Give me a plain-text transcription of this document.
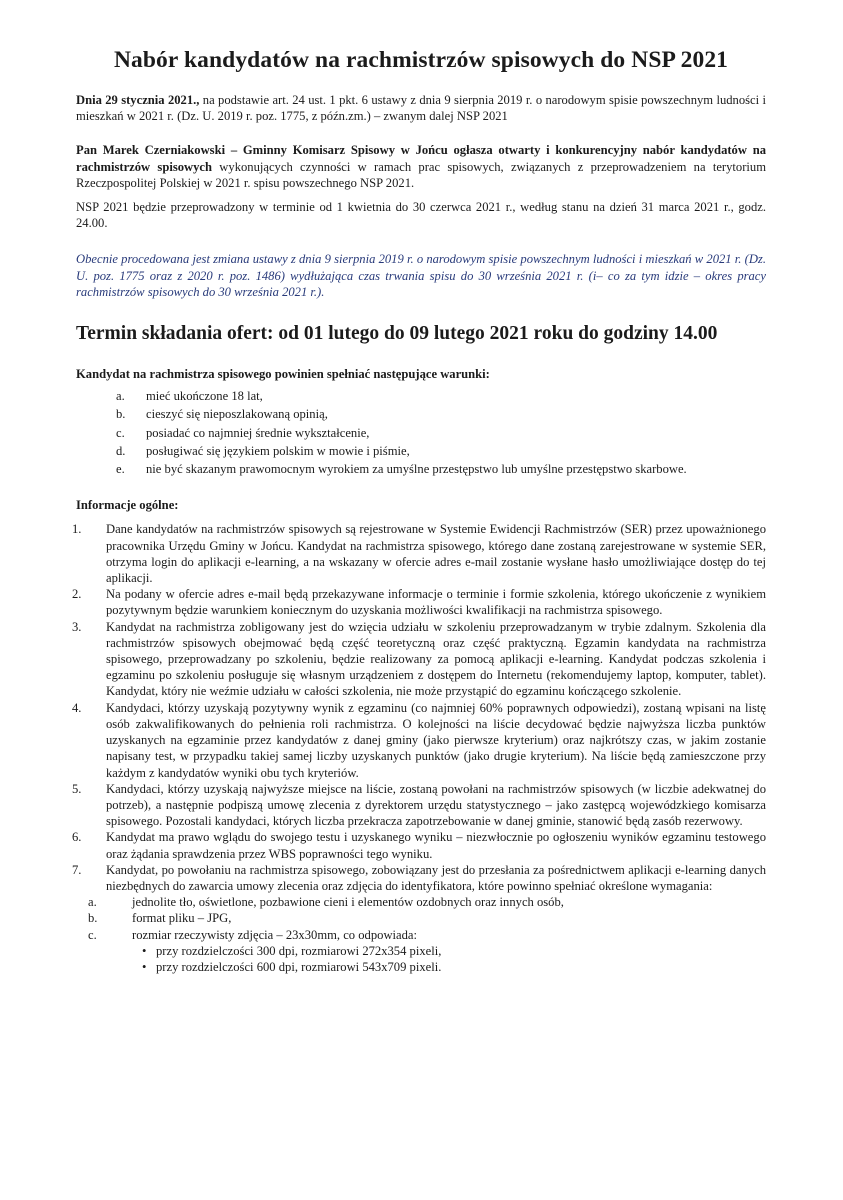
Nabór kandydatów na rachmistrzów spisowych do NSP 2021

Dnia 29 stycznia 2021., na podstawie art. 24 ust. 1 pkt. 6 ustawy z dnia 9 sierpnia 2019 r. o narodowym spisie powszechnym ludności i mieszkań w 2021 r. (Dz. U. 2019 r. poz. 1775, z późn.zm.) – zwanym dalej NSP 2021

Pan Marek Czerniakowski – Gminny Komisarz Spisowy w Jońcu ogłasza otwarty i konkurencyjny nabór kandydatów na rachmistrzów spisowych wykonujących czynności w ramach prac spisowych, związanych z przeprowadzeniem na terytorium Rzeczpospolitej Polskiej w 2021 r. spisu powszechnego NSP 2021.

NSP 2021 będzie przeprowadzony w terminie od 1 kwietnia do 30 czerwca 2021 r., według stanu na dzień 31 marca 2021 r., godz. 24.00.

Obecnie procedowana jest zmiana ustawy z dnia 9 sierpnia 2019 r. o narodowym spisie powszechnym ludności i mieszkań w 2021 r. (Dz. U. poz. 1775 oraz z 2020 r. poz. 1486) wydłużająca czas trwania spisu do 30 września 2021 r. (i– co za tym idzie – okres pracy rachmistrzów spisowych do 30 września 2021 r.).

Termin składania ofert: od 01 lutego do 09 lutego 2021 roku do godziny 14.00

Kandydat na rachmistrza spisowego powinien spełniać następujące warunki:

a. mieć ukończone 18 lat,
b. cieszyć się nieposzlakowaną opinią,
c. posiadać co najmniej średnie wykształcenie,
d. posługiwać się językiem polskim w mowie i piśmie,
e. nie być skazanym prawomocnym wyrokiem za umyślne przestępstwo lub umyślne przestępstwo skarbowe.

Informacje ogólne:

1. Dane kandydatów na rachmistrzów spisowych są rejestrowane w Systemie Ewidencji Rachmistrzów (SER) przez upoważnionego pracownika Urzędu Gminy w Jońcu. Kandydat na rachmistrza spisowego, którego dane zostaną zarejestrowane w systemie SER, otrzyma login do aplikacji e-learning, a na wskazany w ofercie adres e-mail zostanie wysłane hasło umożliwiające dostęp do tej aplikacji.
2. Na podany w ofercie adres e-mail będą przekazywane informacje o terminie i formie szkolenia, którego ukończenie z wynikiem pozytywnym będzie warunkiem koniecznym do uzyskania możliwości kwalifikacji na rachmistrza spisowego.
3. Kandydat na rachmistrza zobligowany jest do wzięcia udziału w szkoleniu przeprowadzanym w trybie zdalnym. Szkolenia dla rachmistrzów spisowych obejmować będą część teoretyczną oraz część praktyczną. Egzamin kandydata na rachmistrza spisowego, przeprowadzany po szkoleniu, będzie realizowany za pomocą aplikacji e-learning. Kandydat podczas szkolenia i egzaminu po szkoleniu posługuje się własnym urządzeniem z dostępem do Internetu (rekomendujemy laptop, komputer, tablet). Kandydat, który nie weźmie udziału w całości szkolenia, nie może przystąpić do egzaminu kończącego szkolenie.
4. Kandydaci, którzy uzyskają pozytywny wynik z egzaminu (co najmniej 60% poprawnych odpowiedzi), zostaną wpisani na listę osób zakwalifikowanych do pełnienia roli rachmistrza. O kolejności na liście decydować będzie najwyższa liczba punktów uzyskanych na egzaminie przez kandydatów z danej gminy (jako pierwsze kryterium) oraz najkrótszy czas, w jakim zostanie napisany test, w przypadku takiej samej liczby uzyskanych punktów (jako drugie kryterium). Na liście będą zamieszczone przy każdym z kandydatów wyniki obu tych kryteriów.
5. Kandydaci, którzy uzyskają najwyższe miejsce na liście, zostaną powołani na rachmistrzów spisowych (w liczbie adekwatnej do potrzeb), a następnie podpiszą umowę zlecenia z dyrektorem urzędu statystycznego – jako zastępcą wojewódzkiego komisarza spisowego. Pozostali kandydaci, których liczba przekracza zapotrzebowanie w danej gminie, stanowić będą zasób rezerwowy.
6. Kandydat ma prawo wglądu do swojego testu i uzyskanego wyniku – niezwłocznie po ogłoszeniu wyników egzaminu testowego oraz żądania sprawdzenia przez WBS poprawności tego wyniku.
7. Kandydat, po powołaniu na rachmistrza spisowego, zobowiązany jest do przesłania za pośrednictwem aplikacji e-learning danych niezbędnych do zawarcia umowy zlecenia oraz zdjęcia do identyfikatora, które powinno spełniać określone wymagania:
a.	jednolite tło, oświetlone, pozbawione cieni i elementów ozdobnych oraz innych osób,
b.	format pliku – JPG,
c.	rozmiar rzeczywisty zdjęcia – 23x30mm, co odpowiada:
• przy rozdzielczości 300 dpi, rozmiarowi 272x354 pixeli,
• przy rozdzielczości 600 dpi, rozmiarowi 543x709 pixeli.
